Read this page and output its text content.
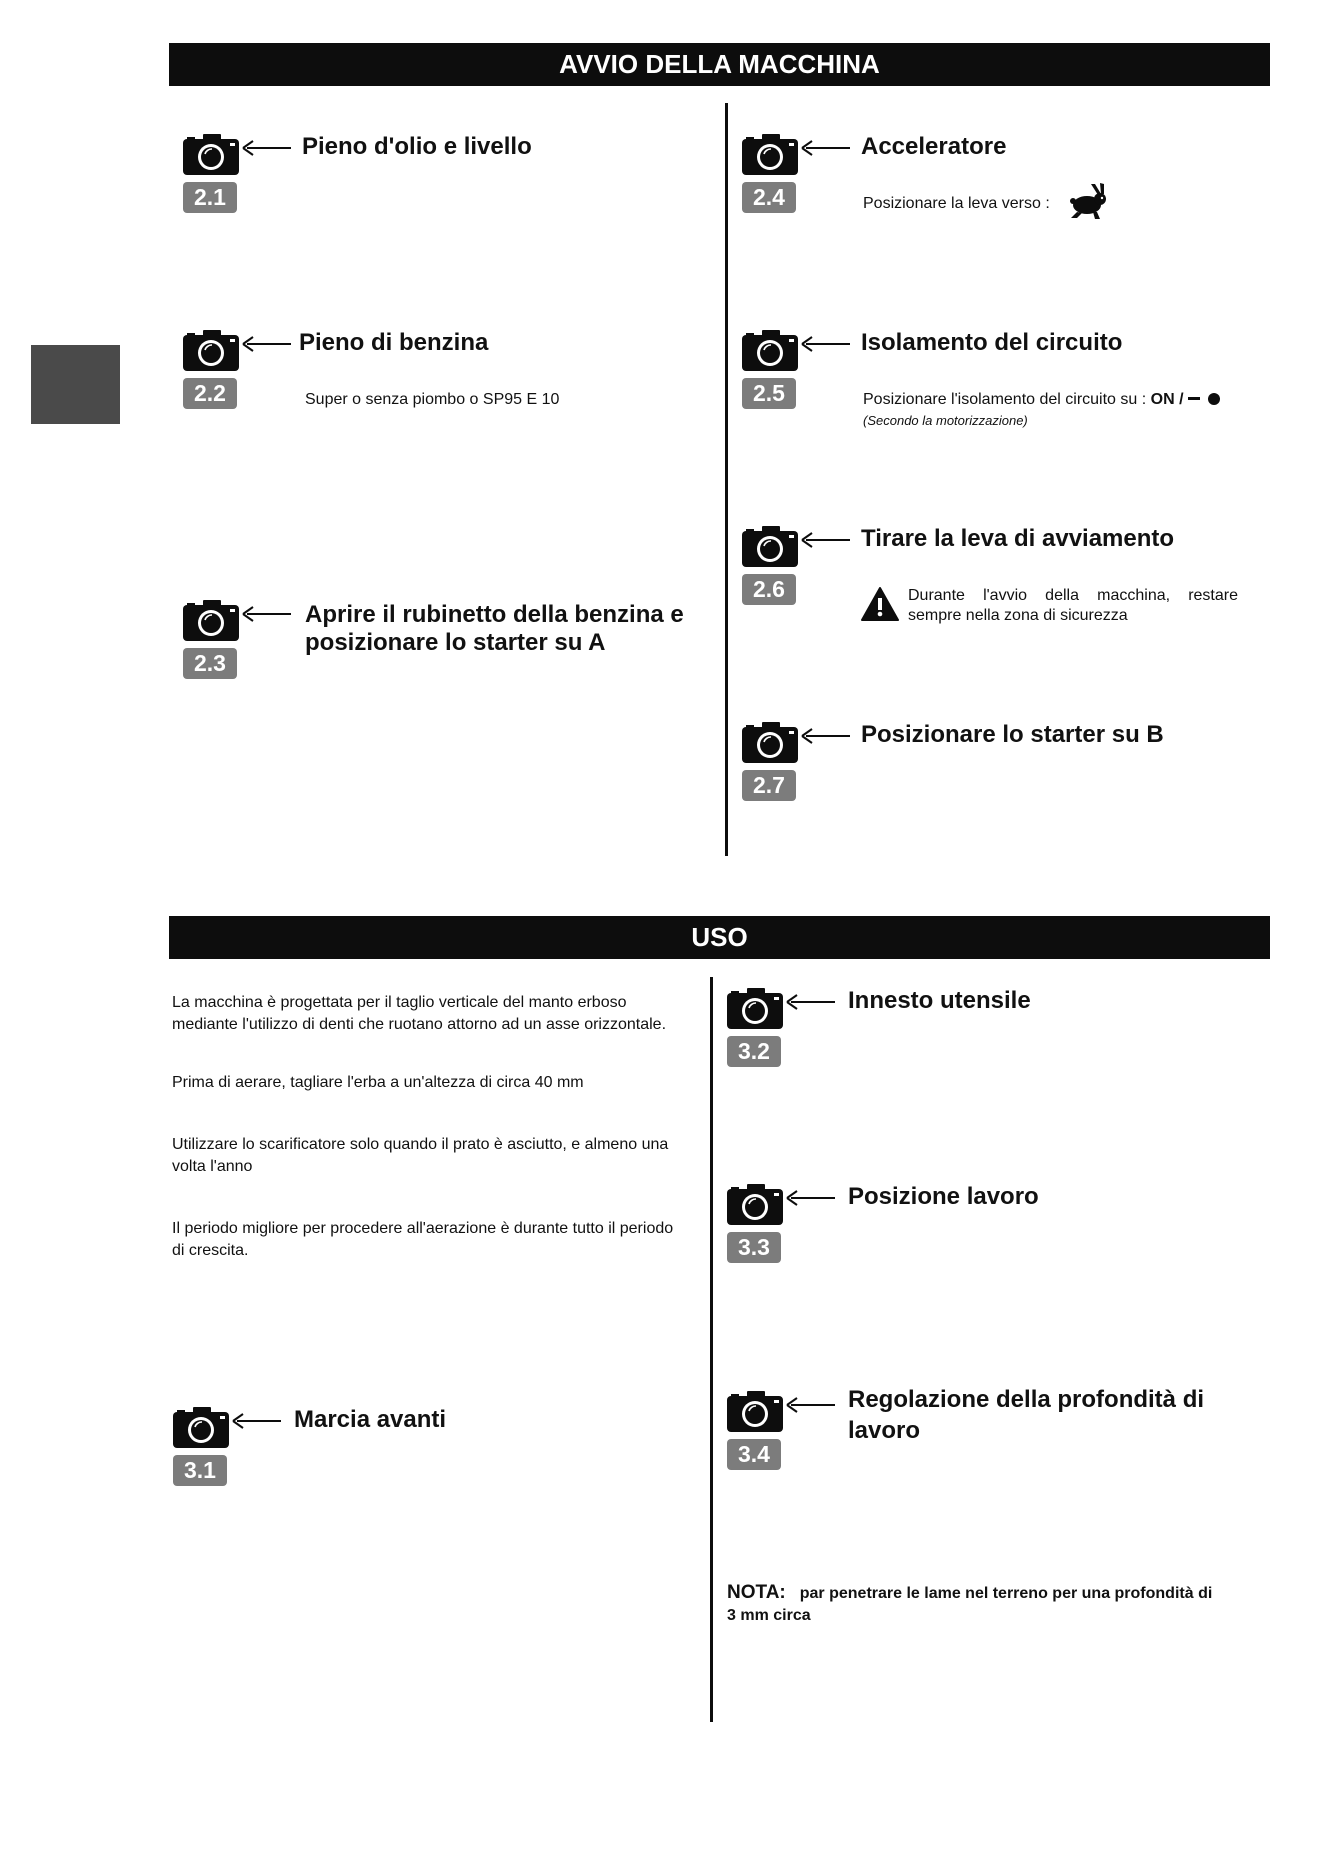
AVVIO DELLA MACCHINA
2.1
Pieno d'olio e livello
2.2
Pieno di benzina
Super o senza piombo o SP95 E 10
2.3
Aprire il rubinetto della benzina e
posizionare lo starter su A
2.4
Acceleratore
Posizionare la leva verso :
2.5
Isolamento del circuito
Posizionare l'isolamento del circuito su : ON /
(Secondo la motorizzazione)
2.6
Tirare la leva di avviamento
Durante l'avvio della macchina, restare
sempre nella zona di sicurezza
2.7
Posizionare lo starter su B
USO
La macchina è progettata per il taglio verticale del manto erboso
mediante l'utilizzo di denti che ruotano attorno ad un asse orizzontale.
Prima di aerare, tagliare l'erba a un'altezza di circa 40 mm
Utilizzare lo scarificatore solo quando il prato è asciutto, e almeno una
volta l'anno
Il periodo migliore per procedere all'aerazione è durante tutto il periodo
di crescita.
3.1
Marcia avanti
3.2
Innesto utensile
3.3
Posizione lavoro
3.4
Regolazione della profondità di
lavoro
NOTA: par penetrare le lame nel terreno per una profondità di
3 mm circa
